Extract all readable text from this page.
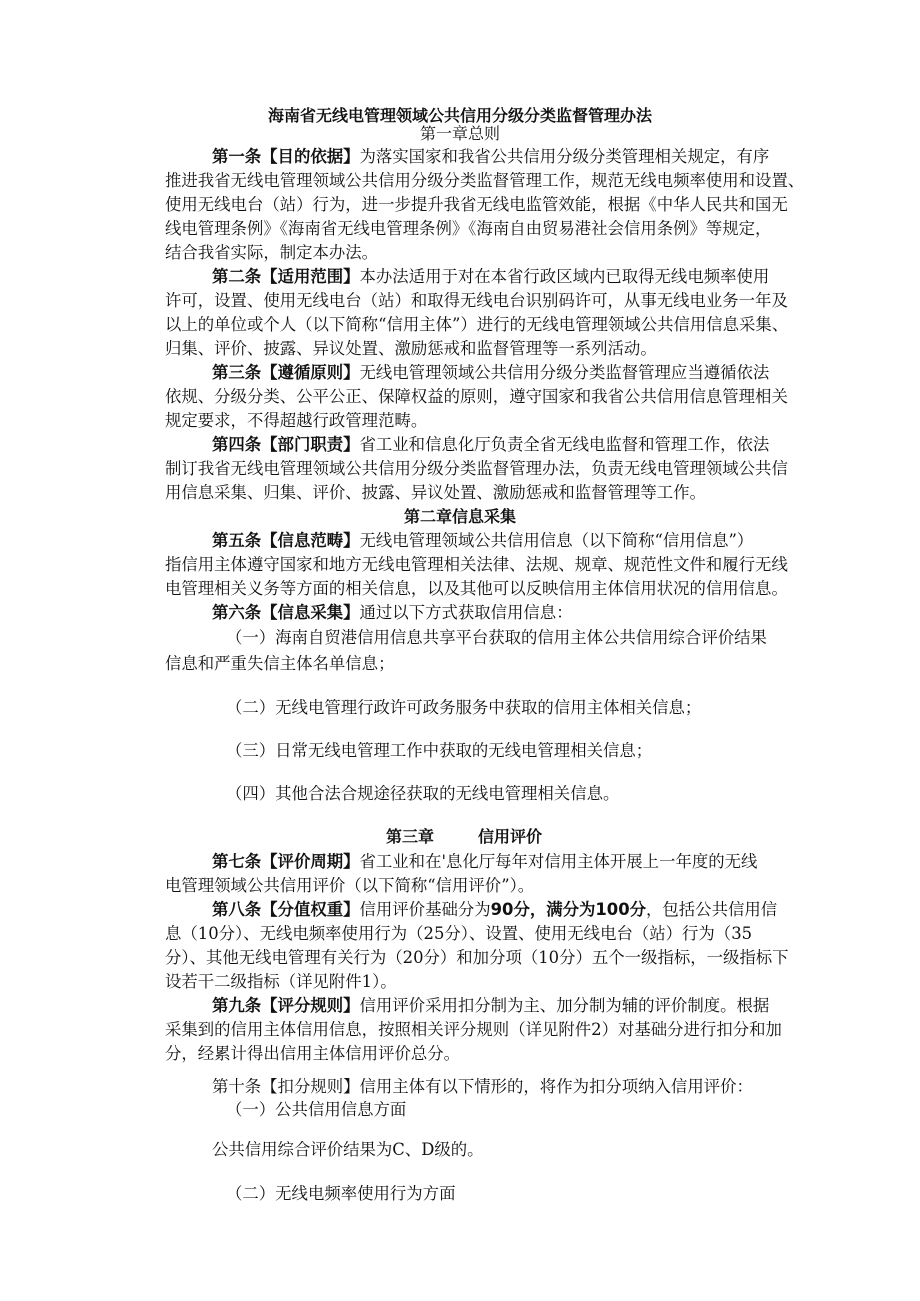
海南省无线电管理领域公共信用分级分类监督管理办法
第一章总则
第一条【目的依据】为落实国家和我省公共信用分级分类管理相关规定，有序
推进我省无线电管理领域公共信用分级分类监督管理工作，规范无线电频率使用和设置、
使用无线电台（站）行为，进一步提升我省无线电监管效能，根据《中华人民共和国无
线电管理条例》《海南省无线电管理条例》《海南自由贸易港社会信用条例》等规定，
结合我省实际，制定本办法。
第二条【适用范围】本办法适用于对在本省行政区域内已取得无线电频率使用
许可，设置、使用无线电台（站）和取得无线电台识别码许可，从事无线电业务一年及
以上的单位或个人（以下简称“信用主体”）进行的无线电管理领域公共信用信息采集、
归集、评价、披露、异议处置、激励惩戒和监督管理等一系列活动。
第三条【遵循原则】无线电管理领域公共信用分级分类监督管理应当遵循依法
依规、分级分类、公平公正、保障权益的原则，遵守国家和我省公共信用信息管理相关
规定要求，不得超越行政管理范畴。
第四条【部门职责】省工业和信息化厅负责全省无线电监督和管理工作，依法
制订我省无线电管理领域公共信用分级分类监督管理办法，负责无线电管理领域公共信
用信息采集、归集、评价、披露、异议处置、激励惩戒和监督管理等工作。
第二章信息采集
第五条【信息范畴】无线电管理领域公共信用信息（以下简称“信用信息”）
指信用主体遵守国家和地方无线电管理相关法律、法规、规章、规范性文件和履行无线
电管理相关义务等方面的相关信息，以及其他可以反映信用主体信用状况的信用信息。
第六条【信息采集】通过以下方式获取信用信息：
（一）海南自贸港信用信息共享平台获取的信用主体公共信用综合评价结果
信息和严重失信主体名单信息；
（二）无线电管理行政许可政务服务中获取的信用主体相关信息；
（三）日常无线电管理工作中获取的无线电管理相关信息；
（四）其他合法合规途径获取的无线电管理相关信息。
第三章	信用评价
第七条【评价周期】省工业和在'息化厅每年对信用主体开展上一年度的无线
电管理领域公共信用评价（以下简称“信用评价”）。
第八条【分值权重】信用评价基础分为90分，满分为100分，包括公共信用信
息（10分）、无线电频率使用行为（25分）、设置、使用无线电台（站）行为（35
分）、其他无线电管理有关行为（20分）和加分项（10分）五个一级指标，一级指标下
设若干二级指标（详见附件1）。
第九条【评分规则】信用评价采用扣分制为主、加分制为辅的评价制度。根据
采集到的信用主体信用信息，按照相关评分规则（详见附件2）对基础分进行扣分和加
分，经累计得出信用主体信用评价总分。
第十条【扣分规则】信用主体有以下情形的，将作为扣分项纳入信用评价：
（一）公共信用信息方面
公共信用综合评价结果为C、D级的。
（二）无线电频率使用行为方面
